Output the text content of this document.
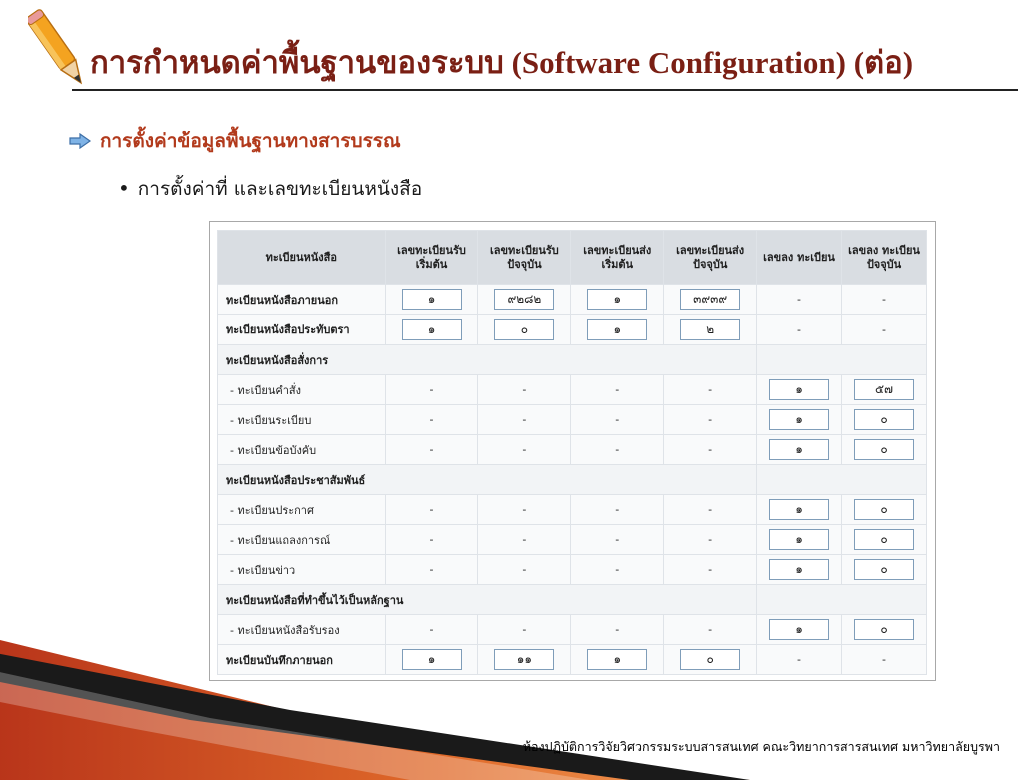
การกำหนดค่าพื้นฐานของระบบ (Software Configuration) (ต่อ)
การตั้งค่าข้อมูลพื้นฐานทางสารบรรณ
• การตั้งค่าที่ และเลขทะเบียนหนังสือ
ทะเบียนหนังสือ	เลขทะเบียนรับ เริ่มต้น	เลขทะเบียนรับ ปัจจุบัน	เลขทะเบียนส่ง เริ่มต้น	เลขทะเบียนส่ง ปัจจุบัน	เลขลง ทะเบียน	เลขลง ทะเบียน ปัจจุบัน
ทะเบียนหนังสือภายนอก	๑	๙๒๘๒	๑	๓๙๓๙	-	-
ทะเบียนหนังสือประทับตรา	๑	๐	๑	๒	-	-
ทะเบียนหนังสือสั่งการ						
- ทะเบียนคำสั่ง	-	-	-	-	๑	๕๗
- ทะเบียนระเบียบ	-	-	-	-	๑	๐
- ทะเบียนข้อบังคับ	-	-	-	-	๑	๐
ทะเบียนหนังสือประชาสัมพันธ์						
- ทะเบียนประกาศ	-	-	-	-	๑	๐
- ทะเบียนแถลงการณ์	-	-	-	-	๑	๐
- ทะเบียนข่าว	-	-	-	-	๑	๐
ทะเบียนหนังสือที่ทำขึ้นไว้เป็นหลักฐาน						
- ทะเบียนหนังสือรับรอง	-	-	-	-	๑	๐
ทะเบียนบันทึกภายนอก	๑	๑๑	๑	๐	-	-
ห้องปฏิบัติการวิจัยวิศวกรรมระบบสารสนเทศ คณะวิทยาการสารสนเทศ มหาวิทยาลัยบูรพา
